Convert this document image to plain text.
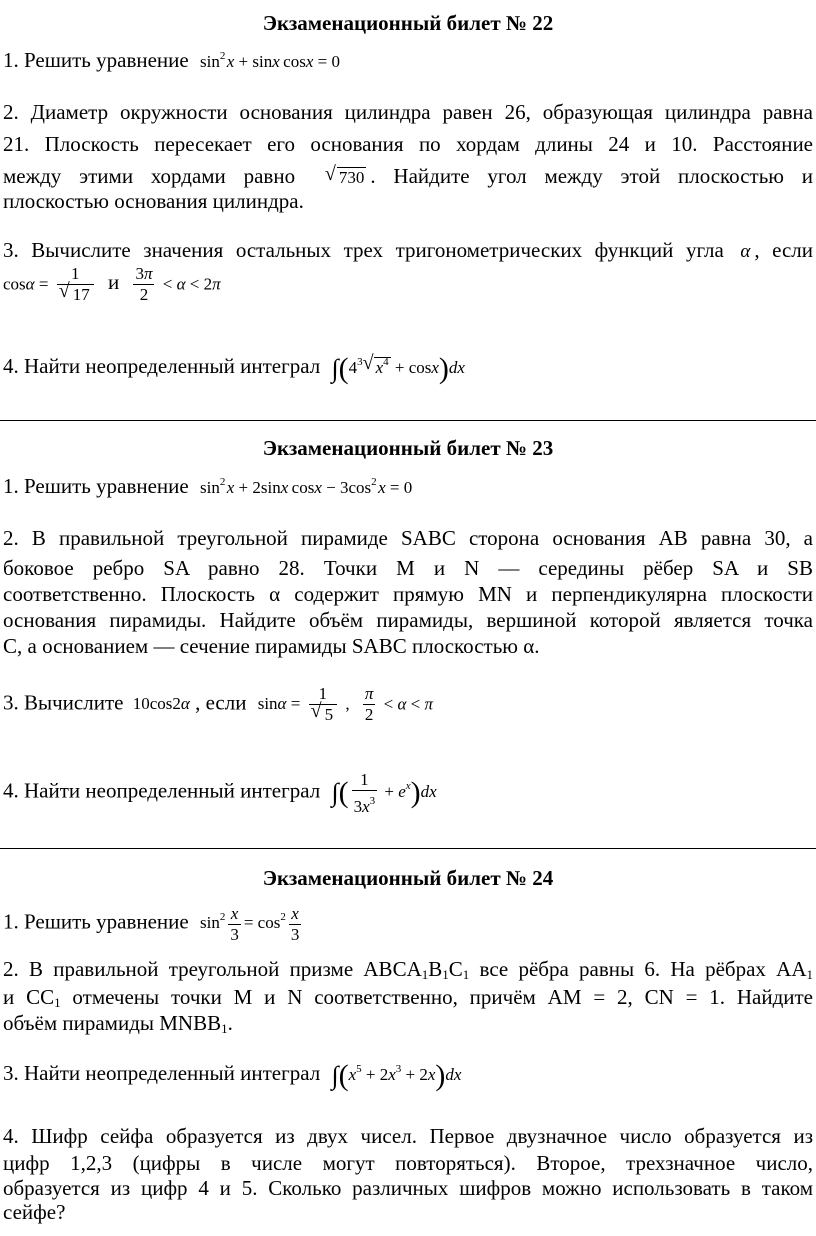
Экзаменационный билет № 22
1. Решить уравнение $\sin^2$ x + sinx cosx = 0
2. Диаметр окружности основания цилиндра равен 26, образующая цилиндра равна
21. Плоскость пересекает его основания по хордам длины 24 и 10. Расстояние
между этими хордами равно √	730 . Найдите угол между этой плоскостью и
плоскостью основания цилиндра.
3. Вычислите значения остальных трех тригонометрических функций угла α , если
cosα = 1
√ 17 и $\frac{3\pi}{2} < \alpha < 2\pi$
4. Найти неопределенный интеграл $\int(4^3√$ $x^4 + \cos x)dx$
Экзаменационный билет № 23
1. Решить уравнение $\sin^2$ x + 2sinx $\cos x - 3\cos^2$ x = 0
2. В правильной треугольной пирамиде SABC сторона основания AB равна 30, а
боковое ребро SA равно 28. Точки M и N — середины рёбер SA и SB
соответственно. Плоскость α содержит прямую MN и перпендикулярна плоскости
основания пирамиды. Найдите объём пирамиды, вершиной которой является точка
C, а основанием — сечение пирамиды SABC плоскостью α.
3. Вычислите 10cos2α , если sinα = 1
√ 5 , $\frac{\pi}{2} < \alpha < \pi$
4. Найти неопределенный интеграл ∫( $\frac{1}{3x^3} + e^x)dx$
Экзаменационный билет № 24
1. Решить уравнение $\sin^2 \frac{x}{3} = \cos^2 \frac{x}{3}$
2. В правильной треугольной призме $ABCA_1B_1C_1$ все рёбра равны 6. На рёбрах $AA_1$
и $CC_1$ отмечены точки M и N соответственно, причём AM = 2, CN = 1. Найдите
объём пирамиды $MNBB_1$.
3. Найти неопределенный интеграл $\int(x^5 + 2x^3 + 2x)dx$
4. Шифр сейфа образуется из двух чисел. Первое двузначное число образуется из
цифр 1,2,3 (цифры в числе могут повторяться). Второе, трехзначное число,
образуется из цифр 4 и 5. Сколько различных шифров можно использовать в таком
сейфе?
